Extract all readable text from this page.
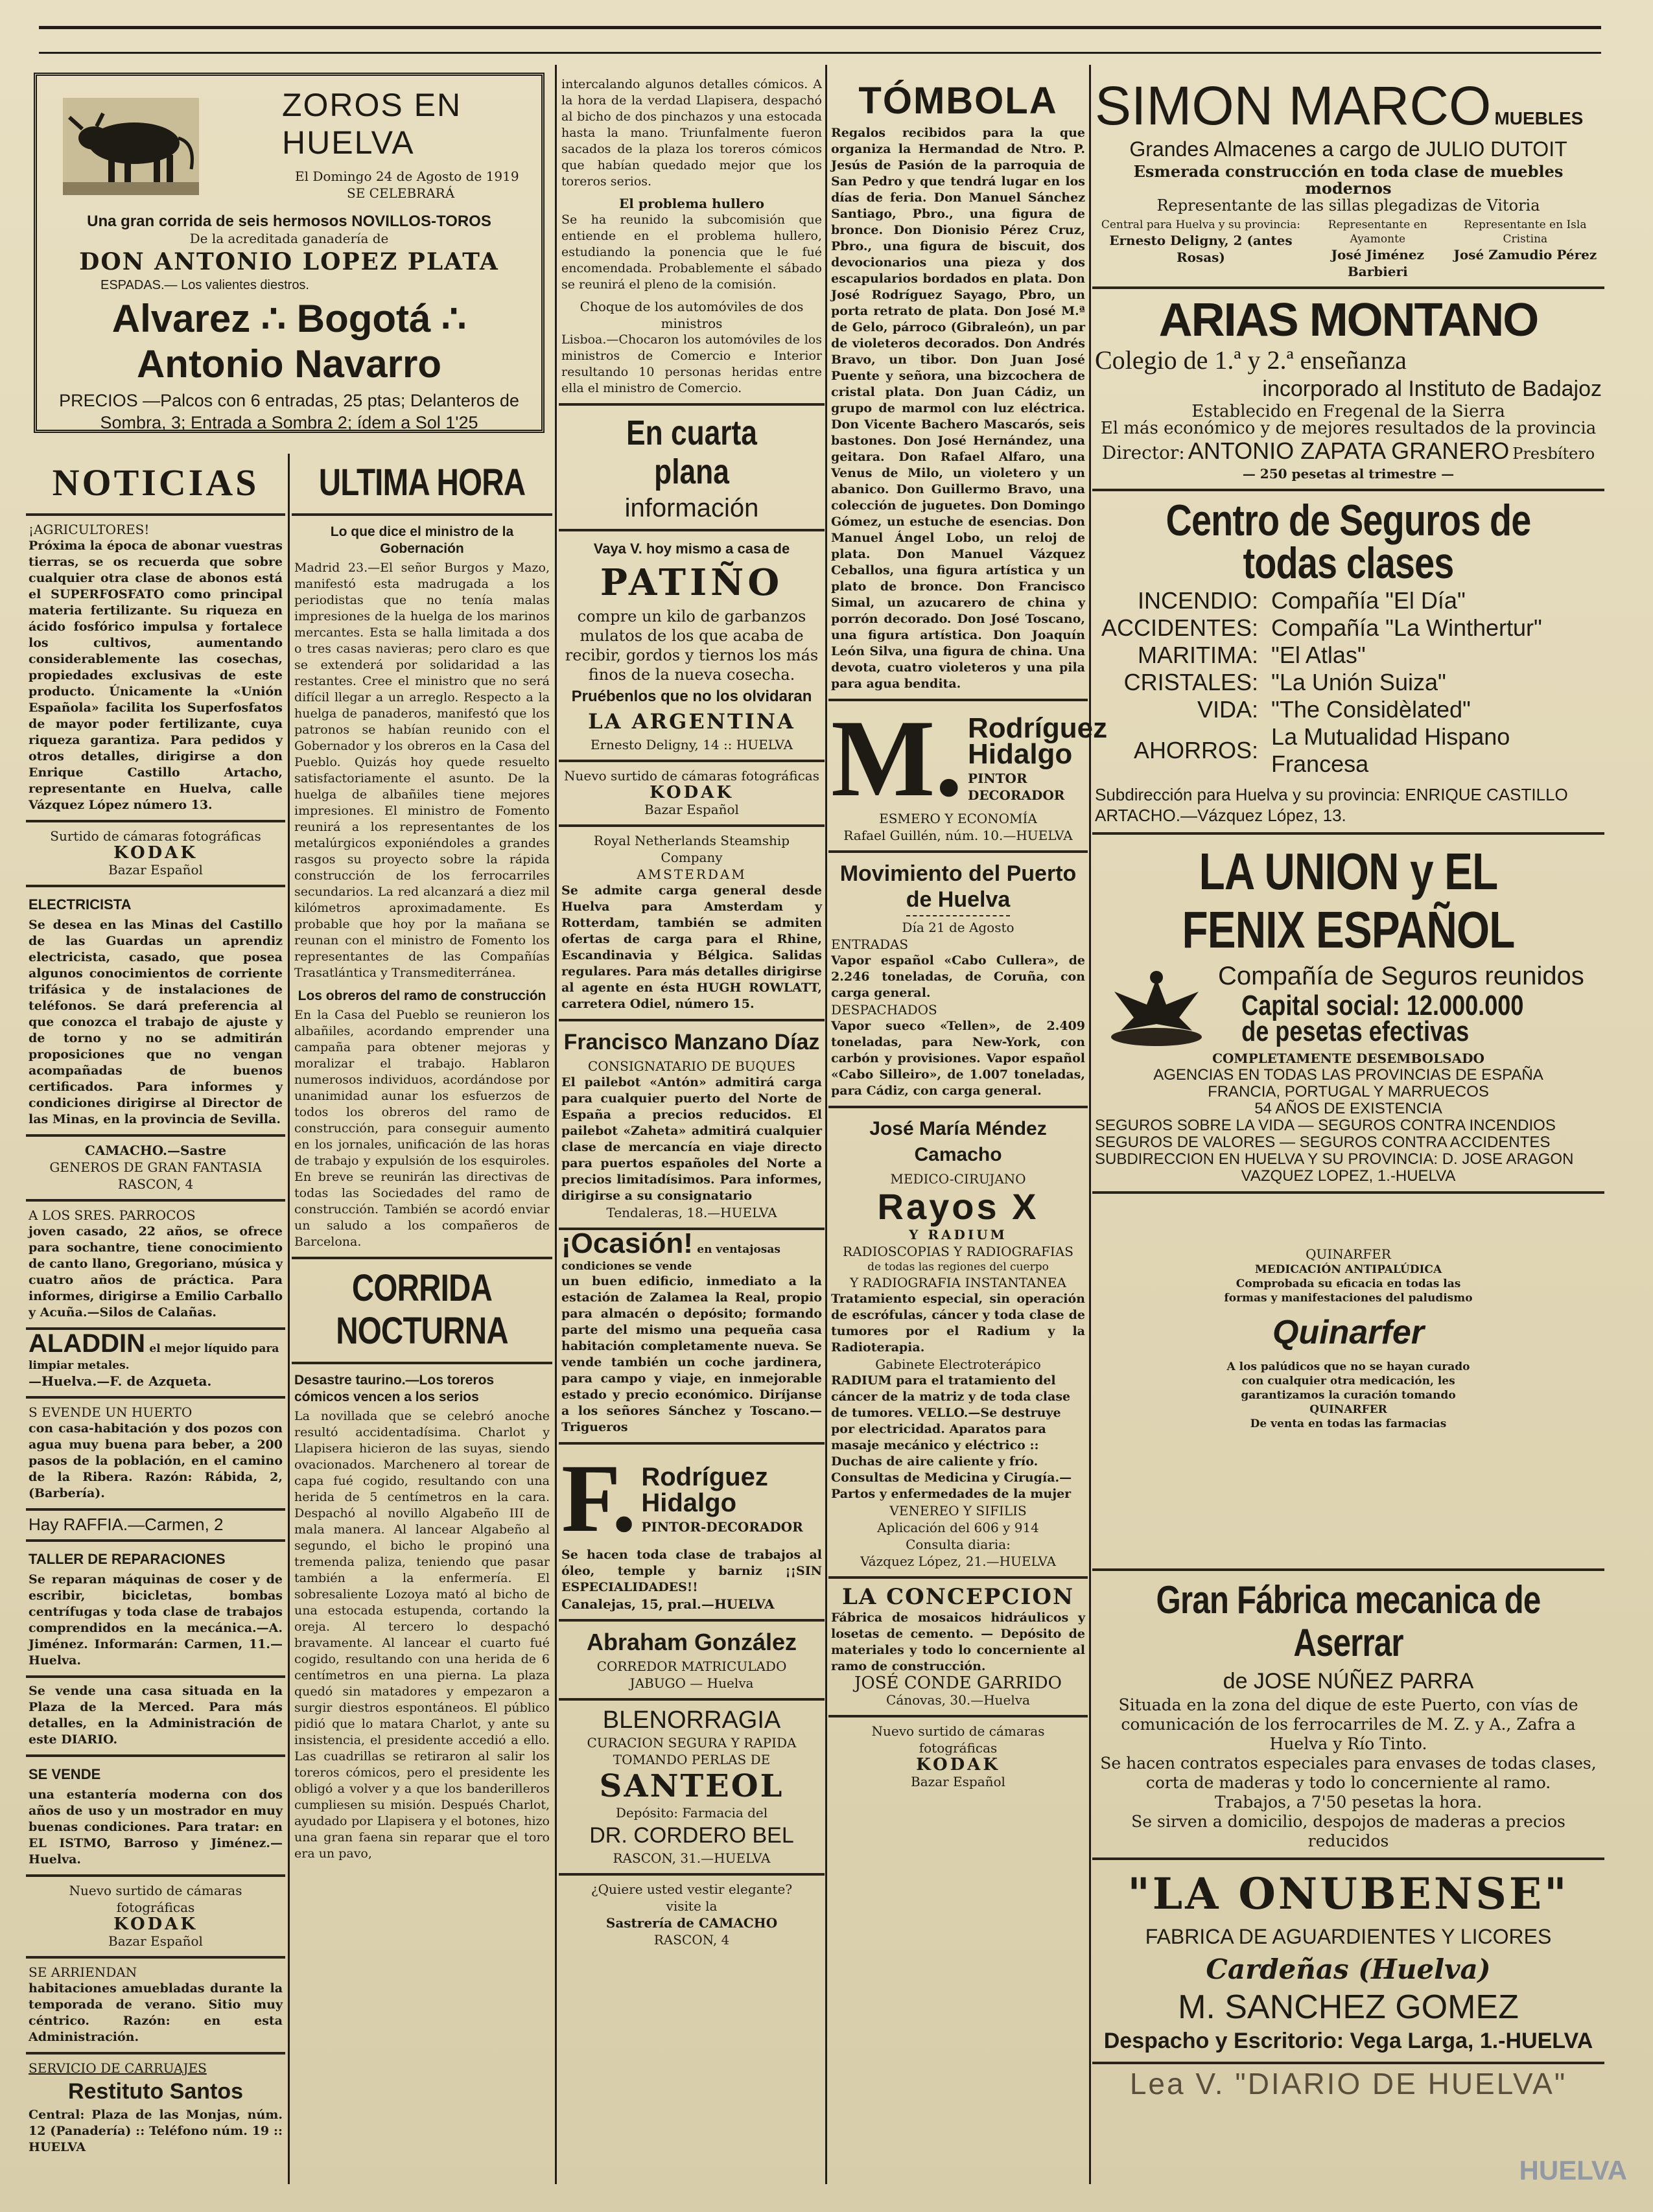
ZOROS EN HUELVA

El Domingo 24 de Agosto de 1919

SE CELEBRARÁ

Una gran corrida de seis hermosos NOVILLOS-TOROS

De la acreditada ganadería de

DON ANTONIO LOPEZ PLATA

ESPADAS.— Los valientes diestros.

Alvarez ∴ Bogotá ∴ Antonio Navarro

PRECIOS —Palcos con 6 entradas, 25 ptas; Delanteros de Sombra, 3; Entrada a Sombra 2; ídem a Sol 1'25

NOTICIAS

¡AGRICULTORES!

Próxima la época de abonar vuestras tierras, se os recuerda que sobre cualquier otra clase de abonos está el SUPERFOSFATO como principal materia fertilizante. Su riqueza en ácido fosfórico impulsa y fortalece los cultivos, aumentando considerablemente las cosechas, propiedades exclusivas de este producto. Únicamente la «Unión Española» facilita los Superfosfatos de mayor poder fertilizante, cuya riqueza garantiza. Para pedidos y otros detalles, dirigirse a don Enrique Castillo Artacho, representante en Huelva, calle Vázquez López número 13.

Surtido de cámaras fotográficas

KODAK

Bazar Español

ELECTRICISTA

Se desea en las Minas del Castillo de las Guardas un aprendiz electricista, casado, que posea algunos conocimientos de corriente trifásica y de instalaciones de teléfonos. Se dará preferencia al que conozca el trabajo de ajuste y de torno y no se admitirán proposiciones que no vengan acompañadas de buenos certificados. Para informes y condiciones dirigirse al Director de las Minas, en la provincia de Sevilla.

CAMACHO.—Sastre

GENEROS DE GRAN FANTASIA

RASCON, 4

A LOS SRES. PARROCOS

joven casado, 22 años, se ofrece para sochantre, tiene conocimiento de canto llano, Gregoriano, música y cuatro años de práctica. Para informes, dirigirse a Emilio Carballo y Acuña.—Silos de Calañas.

ALADDIN el mejor líquido para limpiar metales.

—Huelva.—F. de Azqueta.

S EVENDE UN HUERTO

con casa-habitación y dos pozos con agua muy buena para beber, a 200 pasos de la población, en el camino de la Ribera. Razón: Rábida, 2, (Barbería).

Hay RAFFIA.—Carmen, 2

TALLER DE REPARACIONES

Se reparan máquinas de coser y de escribir, bicicletas, bombas centrífugas y toda clase de trabajos comprendidos en la mecánica.—A. Jiménez. Informarán: Carmen, 11.—Huelva.

Se vende una casa situada en la Plaza de la Merced. Para más detalles, en la Administración de este DIARIO.

SE VENDE

una estantería moderna con dos años de uso y un mostrador en muy buenas condiciones. Para tratar: en EL ISTMO, Barroso y Jiménez.—Huelva.

Nuevo surtido de cámaras fotográficas

KODAK

Bazar Español

SE ARRIENDAN

habitaciones amuebladas durante la temporada de verano. Sitio muy céntrico. Razón: en esta Administración.

SERVICIO DE CARRUAJES

Restituto Santos

Central: Plaza de las Monjas, núm. 12 (Panadería) :: Teléfono núm. 19 :: HUELVA

ULTIMA HORA

Lo que dice el ministro de la Gobernación

Madrid 23.—El señor Burgos y Mazo, manifestó esta madrugada a los periodistas que no tenía malas impresiones de la huelga de los marinos mercantes. Esta se halla limitada a dos o tres casas navieras; pero claro es que se extenderá por solidaridad a las restantes. Cree el ministro que no será difícil llegar a un arreglo. Respecto a la huelga de panaderos, manifestó que los patronos se habían reunido con el Gobernador y los obreros en la Casa del Pueblo. Quizás hoy quede resuelto satisfactoriamente el asunto. De la huelga de albañiles tiene mejores impresiones. El ministro de Fomento reunirá a los representantes de los metalúrgicos exponiéndoles a grandes rasgos su proyecto sobre la rápida construcción de los ferrocarriles secundarios. La red alcanzará a diez mil kilómetros aproximadamente. Es probable que hoy por la mañana se reunan con el ministro de Fomento los representantes de las Compañías Trasatlántica y Transmediterránea.

Los obreros del ramo de construcción

En la Casa del Pueblo se reunieron los albañiles, acordando emprender una campaña para obtener mejoras y moralizar el trabajo. Hablaron numerosos individuos, acordándose por unanimidad aunar los esfuerzos de todos los obreros del ramo de construcción, para conseguir aumento en los jornales, unificación de las horas de trabajo y expulsión de los esquiroles. En breve se reunirán las directivas de todas las Sociedades del ramo de construcción. También se acordó enviar un saludo a los compañeros de Barcelona.

CORRIDA NOCTURNA

Desastre taurino.—Los toreros cómicos vencen a los serios

La novillada que se celebró anoche resultó accidentadísima. Charlot y Llapisera hicieron de las suyas, siendo ovacionados. Marchenero al torear de capa fué cogido, resultando con una herida de 5 centímetros en la cara. Despachó al novillo Algabeño III de mala manera. Al lancear Algabeño al segundo, el bicho le propinó una tremenda paliza, teniendo que pasar también a la enfermería. El sobresaliente Lozoya mató al bicho de una estocada estupenda, cortando la oreja. Al tercero lo despachó bravamente. Al lancear el cuarto fué cogido, resultando con una herida de 6 centímetros en una pierna. La plaza quedó sin matadores y empezaron a surgir diestros espontáneos. El público pidió que lo matara Charlot, y ante su insistencia, el presidente accedió a ello. Las cuadrillas se retiraron al salir los toreros cómicos, pero el presidente les obligó a volver y a que los banderilleros cumpliesen su misión. Después Charlot, ayudado por Llapisera y el botones, hizo una gran faena sin reparar que el toro era un pavo,

intercalando algunos detalles cómicos. A la hora de la verdad Llapisera, despachó al bicho de dos pinchazos y una estocada hasta la mano. Triunfalmente fueron sacados de la plaza los toreros cómicos que habían quedado mejor que los toreros serios.

El problema hullero

Se ha reunido la subcomisión que entiende en el problema hullero, estudiando la ponencia que le fué encomendada. Probablemente el sábado se reunirá el pleno de la comisión.

Choque de los automóviles de dos ministros

Lisboa.—Chocaron los automóviles de los ministros de Comercio e Interior resultando 10 personas heridas entre ella el ministro de Comercio.

En cuarta plana

información

Vaya V. hoy mismo a casa de

PATIÑO

compre un kilo de garbanzos mulatos de los que acaba de recibir, gordos y tiernos los más finos de la nueva cosecha.

Pruébenlos que no los olvidaran

LA ARGENTINA

Ernesto Deligny, 14 :: HUELVA

Nuevo surtido de cámaras fotográficas

KODAK

Bazar Español

Royal Netherlands Steamship Company

AMSTERDAM

Se admite carga general desde Huelva para Amsterdam y Rotterdam, también se admiten ofertas de carga para el Rhine, Escandinavia y Bélgica. Salidas regulares. Para más detalles dirigirse al agente en ésta HUGH ROWLATT, carretera Odiel, número 15.

Francisco Manzano Díaz

CONSIGNATARIO DE BUQUES

El pailebot «Antón» admitirá carga para cualquier puerto del Norte de España a precios reducidos. El pailebot «Zaheta» admitirá cualquier clase de mercancía en viaje directo para puertos españoles del Norte a precios limitadísimos. Para informes, dirigirse a su consignatario

Tendaleras, 18.—HUELVA

¡Ocasión! en ventajosas condiciones se vende

un buen edificio, inmediato a la estación de Zalamea la Real, propio para almacén o depósito; formando parte del mismo una pequeña casa habitación completamente nueva. Se vende también un coche jardinera, para campo y viaje, en inmejorable estado y precio económico. Diríjanse a los señores Sánchez y Toscano.—Trigueros

F. Rodríguez Hidalgo

PINTOR-DECORADOR

Se hacen toda clase de trabajos al óleo, temple y barniz ¡¡SIN ESPECIALIDADES!!

Canalejas, 15, pral.—HUELVA

Abraham González

CORREDOR MATRICULADO

JABUGO — Huelva

BLENORRAGIA

CURACION SEGURA Y RAPIDA

TOMANDO PERLAS DE

SANTEOL

Depósito: Farmacia del

DR. CORDERO BEL

RASCON, 31.—HUELVA

¿Quiere usted vestir elegante?

visite la

Sastrería de CAMACHO

RASCON, 4

TÓMBOLA

Regalos recibidos para la que organiza la Hermandad de Ntro. P. Jesús de Pasión de la parroquia de San Pedro y que tendrá lugar en los días de feria. Don Manuel Sánchez Santiago, Pbro., una figura de bronce. Don Dionisio Pérez Cruz, Pbro., una figura de biscuit, dos devocionarios una pieza y dos escapularios bordados en plata. Don José Rodríguez Sayago, Pbro, un porta retrato de plata. Don José M.ª de Gelo, párroco (Gibraleón), un par de violeteros decorados. Don Andrés Bravo, un tibor. Don Juan José Puente y señora, una bizcochera de cristal plata. Don Juan Cádiz, un grupo de marmol con luz eléctrica. Don Vicente Bachero Mascarós, seis bastones. Don José Hernández, una geitara. Don Rafael Alfaro, una Venus de Milo, un violetero y un abanico. Don Guillermo Bravo, una colección de juguetes. Don Domingo Gómez, un estuche de esencias. Don Manuel Ángel Lobo, un reloj de plata. Don Manuel Vázquez Ceballos, una figura artística y un plato de bronce. Don Francisco Simal, un azucarero de china y porrón decorado. Don José Toscano, una figura artística. Don Joaquín León Silva, una figura de china. Una devota, cuatro violeteros y una pila para agua bendita.

M. Rodríguez Hidalgo

PINTOR DECORADOR

ESMERO Y ECONOMÍA

Rafael Guillén, núm. 10.—HUELVA

Movimiento del Puerto de Huelva

Día 21 de Agosto

ENTRADAS

Vapor español «Cabo Cullera», de 2.246 toneladas, de Coruña, con carga general.

DESPACHADOS

Vapor sueco «Tellen», de 2.409 toneladas, para New-York, con carbón y provisiones. Vapor español «Cabo Silleiro», de 1.007 toneladas, para Cádiz, con carga general.

José María Méndez Camacho

MEDICO-CIRUJANO

Rayos X

Y RADIUM

RADIOSCOPIAS Y RADIOGRAFIAS

de todas las regiones del cuerpo

Y RADIOGRAFIA INSTANTANEA

Tratamiento especial, sin operación de escrófulas, cáncer y toda clase de tumores por el Radium y la Radioterapia.

Gabinete Electroterápico

RADIUM para el tratamiento del cáncer de la matriz y de toda clase de tumores. VELLO.—Se destruye por electricidad. Aparatos para masaje mecánico y eléctrico :: Duchas de aire caliente y frío. Consultas de Medicina y Cirugía.—Partos y enfermedades de la mujer

VENEREO Y SIFILIS

Aplicación del 606 y 914

Consulta diaria:

Vázquez López, 21.—HUELVA

LA CONCEPCION

Fábrica de mosaicos hidráulicos y losetas de cemento. — Depósito de materiales y todo lo concerniente al ramo de construcción.

JOSÉ CONDE GARRIDO

Cánovas, 30.—Huelva

Nuevo surtido de cámaras fotográficas

KODAK

Bazar Español

SIMON MARCO MUEBLES

Grandes Almacenes a cargo de JULIO DUTOIT

Esmerada construcción en toda clase de muebles modernos

Representante de las sillas plegadizas de Vitoria

Central para Huelva y su provincia:

Ernesto Deligny, 2 (antes Rosas)

Representante en Ayamonte

José Jiménez Barbieri

Representante en Isla Cristina

José Zamudio Pérez

ARIAS MONTANO

Colegio de 1.ª y 2.ª enseñanza

incorporado al Instituto de Badajoz

Establecido en Fregenal de la Sierra

El más económico y de mejores resultados de la provincia

Director: ANTONIO ZAPATA GRANERO Presbítero

— 250 pesetas al trimestre —

Centro de Seguros de todas clases
INCENDIO:	Compañía "El Día"
ACCIDENTES:	Compañía "La Winthertur"
MARITIMA:	"El Atlas"
CRISTALES:	"La Unión Suiza"
VIDA:	"The Considèlated"
AHORROS:	La Mutualidad Hispano Francesa

Subdirección para Huelva y su provincia: ENRIQUE CASTILLO ARTACHO.—Vázquez López, 13.

LA UNION y EL FENIX ESPAÑOL

Compañía de Seguros reunidos

Capital social: 12.000.000 de pesetas efectivas

COMPLETAMENTE DESEMBOLSADO

AGENCIAS EN TODAS LAS PROVINCIAS DE ESPAÑA

FRANCIA, PORTUGAL Y MARRUECOS

54 AÑOS DE EXISTENCIA

SEGUROS SOBRE LA VIDA — SEGUROS CONTRA INCENDIOS

SEGUROS DE VALORES — SEGUROS CONTRA ACCIDENTES

SUBDIRECCION EN HUELVA Y SU PROVINCIA: D. JOSE ARAGON

VAZQUEZ LOPEZ, 1.-HUELVA

QUINARFER

MEDICACIÓN ANTIPALÚDICA

Comprobada su eficacia en todas las formas y manifestaciones del paludismo

Quinarfer

A los palúdicos que no se hayan curado con cualquier otra medicación, les garantizamos la curación tomando

QUINARFER

De venta en todas las farmacias

Gran Fábrica mecanica de Aserrar

de JOSE NÚÑEZ PARRA

Situada en la zona del dique de este Puerto, con vías de comunicación de los ferrocarriles de M. Z. y A., Zafra a Huelva y Río Tinto.

Se hacen contratos especiales para envases de todas clases, corta de maderas y todo lo concerniente al ramo.

Trabajos, a 7'50 pesetas la hora.

Se sirven a domicilio, despojos de maderas a precios reducidos

"LA ONUBENSE"

FABRICA DE AGUARDIENTES Y LICORES

Cardeñas (Huelva)

M. SANCHEZ GOMEZ

Despacho y Escritorio: Vega Larga, 1.-HUELVA

Lea V. "DIARIO DE HUELVA"

HUELVA
